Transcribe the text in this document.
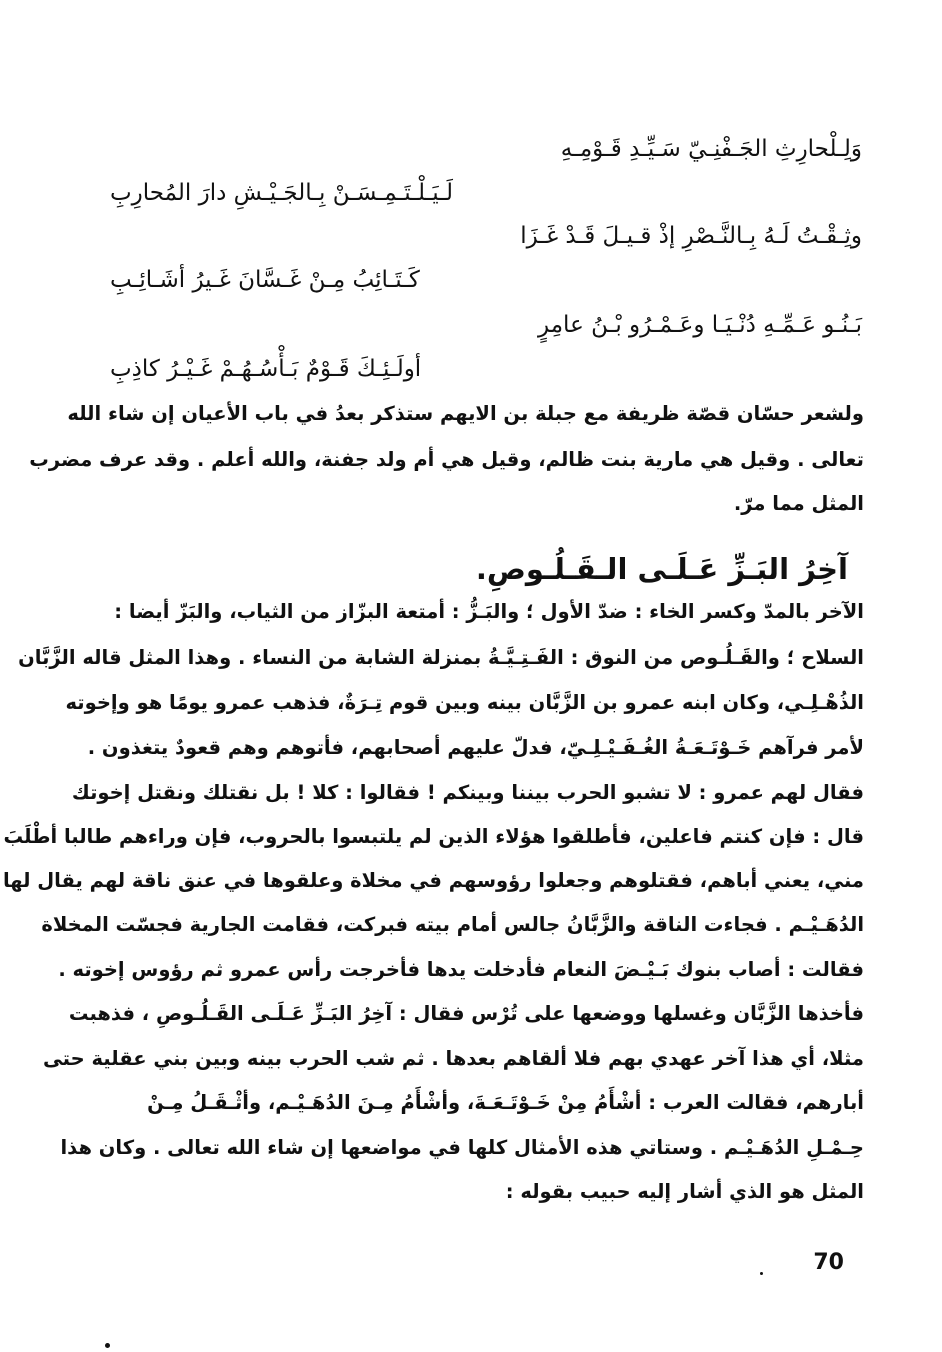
وَلِـلْحارِثِ الجَـفْنِـيّ سَـيِّـدِ قَـوْمِـهِ

لَـيَـلْـتَـمِـسَـنْ بِـالجَـيْـشِ دارَ المُحارِبِ

وثِـقْـتُ لَـهُ بِـالنَّـصْرِ إذْ قـيـلَ قَـدْ غَـزَا

كَـتَـائِبُ مِـنْ غَـسَّانَ غَـيرُ أشَـائِـبِ

بَـنُـو عَـمِّـهِ دُنْـيَـا وعَـمْـرُو بْـنُ عامِرٍ

أولَـئِـكَ قَـوْمٌ بَـأْسُـهُـمْ غَـيْـرُ كاذِبِ

ولشعر حسّان قصّة ظريفة مع جبلة بن الايهم ستذكر بعدُ في باب الأعيان إن شاء الله

تعالى . وقيل هي مارية بنت ظالم، وقيل هي أم ولد جفنة، والله أعلم . وقد عرف مضرب

المثل مما مرّ.

آخِرُ البَـزِّ عَـلَـى الـقَـلُـوصِ.

الآخر بالمدّ وكسر الخاء : ضدّ الأول ؛ والبَـزُّ : أمتعة البزّاز من الثياب، والبَزّ أيضا :

السلاح ؛ والقَـلُـوص من النوق : الفَـتِـيَّـةُ بمنزلة الشابة من النساء . وهذا المثل قاله الزَّبَّان

الذُهْـلِـي، وكان ابنه عمرو بن الزَّبَّان بينه وبين قوم تِـرَةٌ، فذهب عمرو يومًا هو وإخوته

لأمر فرآهم خَـوْتَـعَـةُ الغُـفَـيْـلِـيّ، فدلّ عليهم أصحابهم، فأتوهم وهم قعودٌ يتغذون .

فقال لهم عمرو : لا تشبو الحرب بيننا وبينكم ! فقالوا : كلا ! بل نقتلك ونقتل إخوتك

قال : فإن كنتم فاعلين، فأطلقوا هؤلاء الذين لم يلتبسوا بالحروب، فإن وراءهم طالبا أطْلَبَ

مني، يعني أباهم، فقتلوهم وجعلوا رؤوسهم في مخلاة وعلقوها في عنق ناقة لهم يقال لها

الدُهَـيْـم . فجاءت الناقة والزَّبَّانُ جالس أمام بيته فبركت، فقامت الجارية فجسّت المخلاة

فقالت : أصاب بنوك بَـيْـضَ النعام فأدخلت يدها فأخرجت رأس عمرو ثم رؤوس إخوته .

فأخذها الزَّبَّان وغسلها ووضعها على تُرْس فقال : آخِرُ البَـزِّ عَـلَـى القَـلُـوصِ ، فذهبت

مثلا، أي هذا آخر عهدي بهم فلا ألقاهم بعدها . ثم شب الحرب بينه وبين بني عقلية حتى

أبارهم، فقالت العرب : أشْأَمُ مِنْ خَـوْتَـعَـةَ، وأشْأَمُ مِـنَ الدُهَـيْـم، وأثْـقَـلُ مِـنْ

حِـمْـلِ الدُهَـيْـم . وستاتي هذه الأمثال كلها في مواضعها إن شاء الله تعالى . وكان هذا

المثل هو الذي أشار إليه حبيب بقوله :

70
